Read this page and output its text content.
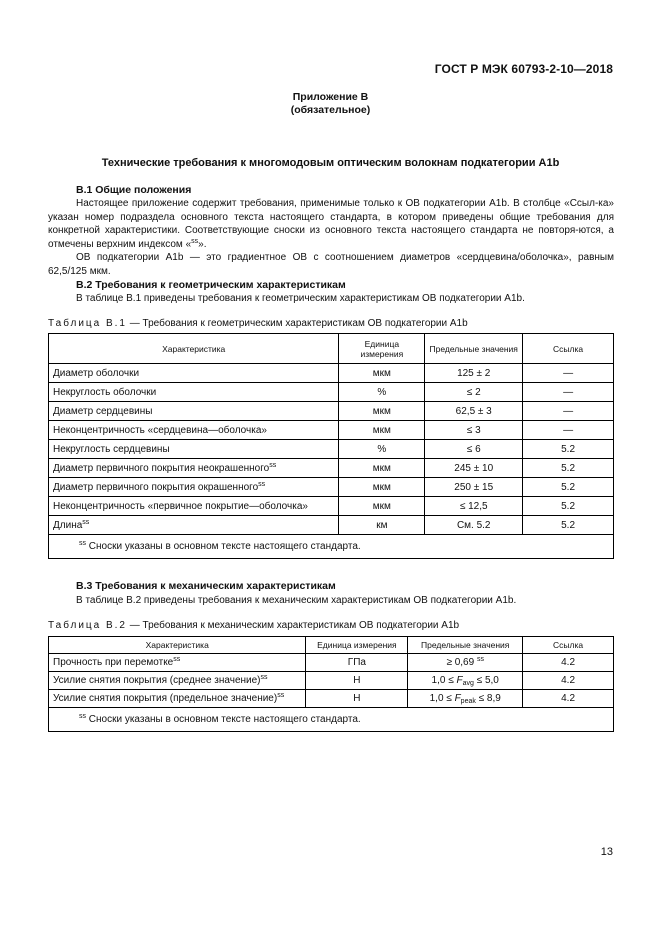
ГОСТ Р МЭК 60793-2-10—2018
Приложение В
(обязательное)
Технические требования к многомодовым оптическим волокнам подкатегории А1b
В.1 Общие положения
Настоящее приложение содержит требования, применимые только к ОВ подкатегории А1b. В столбце «Ссыл-ка» указан номер подраздела основного текста настоящего стандарта, в котором приведены общие требования для конкретной характеристики. Соответствующие сноски из основного текста настоящего стандарта не повторя-ются, а отмечены верхним индексом «$^{ss}$».
ОВ подкатегории А1b — это градиентное ОВ с соотношением диаметров «сердцевина/оболочка», равным 62,5/125 мкм.
В.2 Требования к геометрическим характеристикам
В таблице В.1 приведены требования к геометрическим характеристикам ОВ подкатегории А1b.
Таблица В.1 — Требования к геометрическим характеристикам ОВ подкатегории А1b
Характеристика	Единица измерения	Предельные значения	Ссылка
Диаметр оболочки	мкм	125 ± 2	—
Некруглость оболочки	%	≤ 2	—
Диаметр сердцевины	мкм	62,5 ± 3	—
Неконцентричность «сердцевина—оболочка»	мкм	≤ 3	—
Некруглость сердцевины	%	≤ 6	5.2
Диаметр первичного покрытия неокрашенного$^{ss}$	мкм	245 ± 10	5.2
Диаметр первичного покрытия окрашенного$^{ss}$	мкм	250 ± 15	5.2
Неконцентричность «первичное покрытие—оболочка»	мкм	≤ 12,5	5.2
Длина$^{ss}$	км	См. 5.2	5.2
$^{ss}$ Сноски указаны в основном тексте настоящего стандарта.			
В.3 Требования к механическим характеристикам
В таблице В.2 приведены требования к механическим характеристикам ОВ подкатегории А1b.
Таблица В.2 — Требования к механическим характеристикам ОВ подкатегории А1b
Характеристика	Единица измерения	Предельные значения	Ссылка
Прочность при перемотке$^{ss}$	ГПа	≥ 0,69 $^{ss}$	4.2
Усилие снятия покрытия (среднее значение)$^{ss}$	Н	$1,0 \le F_{avg} \le 5,0$	4.2
Усилие снятия покрытия (предельное значение)$^{ss}$	Н	$1,0 \le F_{peak} \le 8,9$	4.2
$^{ss}$ Сноски указаны в основном тексте настоящего стандарта.			
13
